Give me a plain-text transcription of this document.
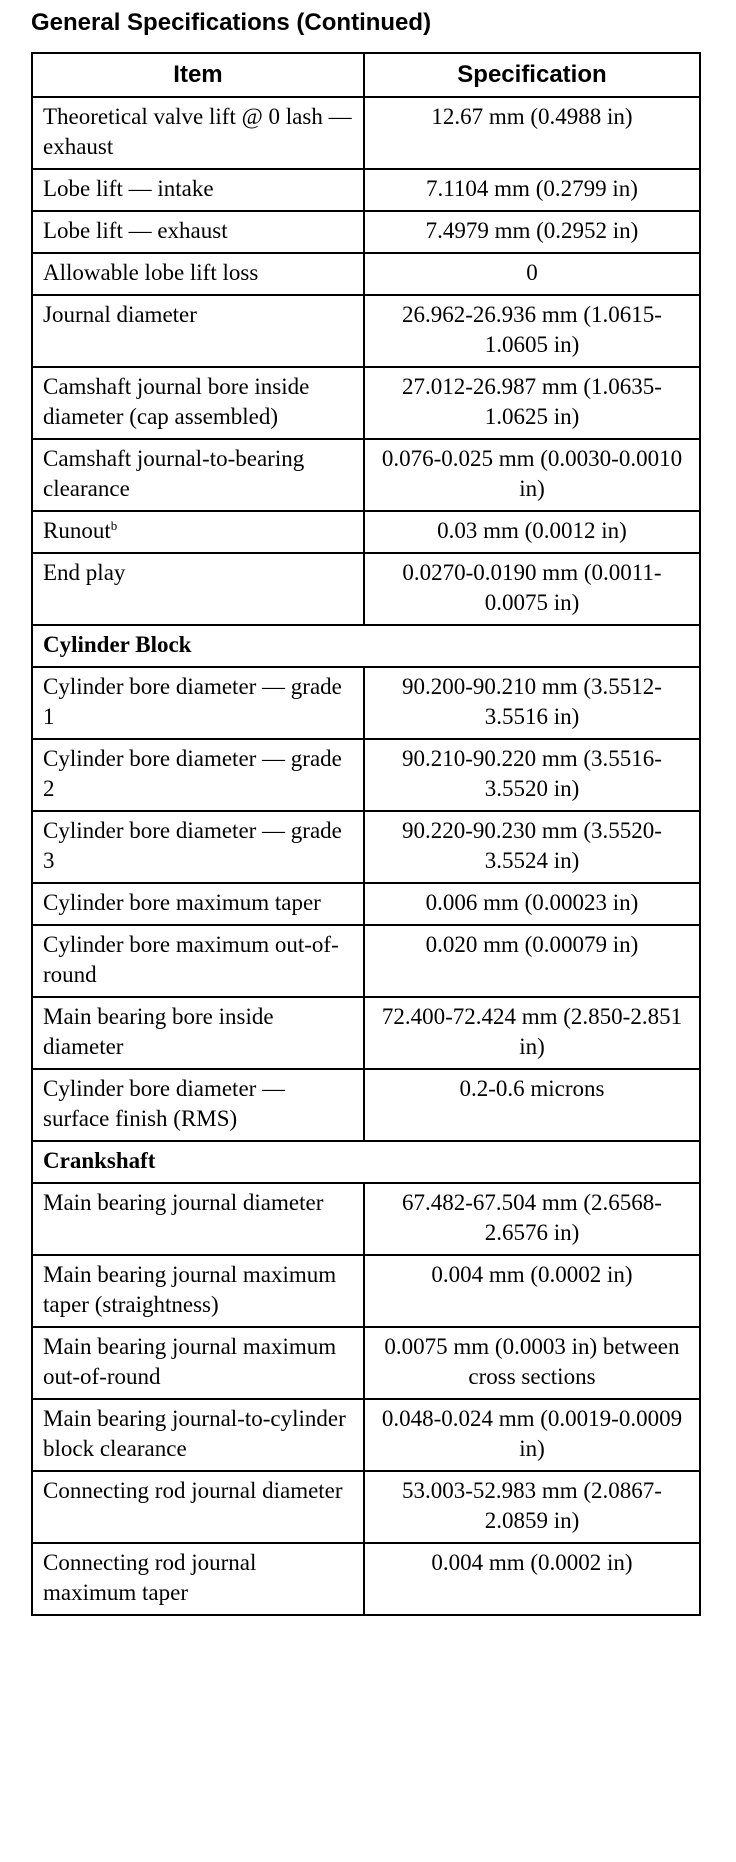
General Specifications (Continued)
Item	Specification
Theoretical valve lift @ 0 lash — exhaust	12.67 mm (0.4988 in)
Lobe lift — intake	7.1104 mm (0.2799 in)
Lobe lift — exhaust	7.4979 mm (0.2952 in)
Allowable lobe lift loss	0
Journal diameter	26.962-26.936 mm (1.0615-1.0605 in)
Camshaft journal bore inside diameter (cap assembled)	27.012-26.987 mm (1.0635-1.0625 in)
Camshaft journal-to-bearing clearance	0.076-0.025 mm (0.0030-0.0010 in)
Runout$^b$	0.03 mm (0.0012 in)
End play	0.0270-0.0190 mm (0.0011-0.0075 in)
Cylinder Block	
Cylinder bore diameter — grade 1	90.200-90.210 mm (3.5512-3.5516 in)
Cylinder bore diameter — grade 2	90.210-90.220 mm (3.5516-3.5520 in)
Cylinder bore diameter — grade 3	90.220-90.230 mm (3.5520-3.5524 in)
Cylinder bore maximum taper	0.006 mm (0.00023 in)
Cylinder bore maximum out-of-round	0.020 mm (0.00079 in)
Main bearing bore inside diameter	72.400-72.424 mm (2.850-2.851 in)
Cylinder bore diameter — surface finish (RMS)	0.2-0.6 microns
Crankshaft	
Main bearing journal diameter	67.482-67.504 mm (2.6568-2.6576 in)
Main bearing journal maximum taper (straightness)	0.004 mm (0.0002 in)
Main bearing journal maximum out-of-round	0.0075 mm (0.0003 in) between cross sections
Main bearing journal-to-cylinder block clearance	0.048-0.024 mm (0.0019-0.0009 in)
Connecting rod journal diameter	53.003-52.983 mm (2.0867-2.0859 in)
Connecting rod journal maximum taper	0.004 mm (0.0002 in)
